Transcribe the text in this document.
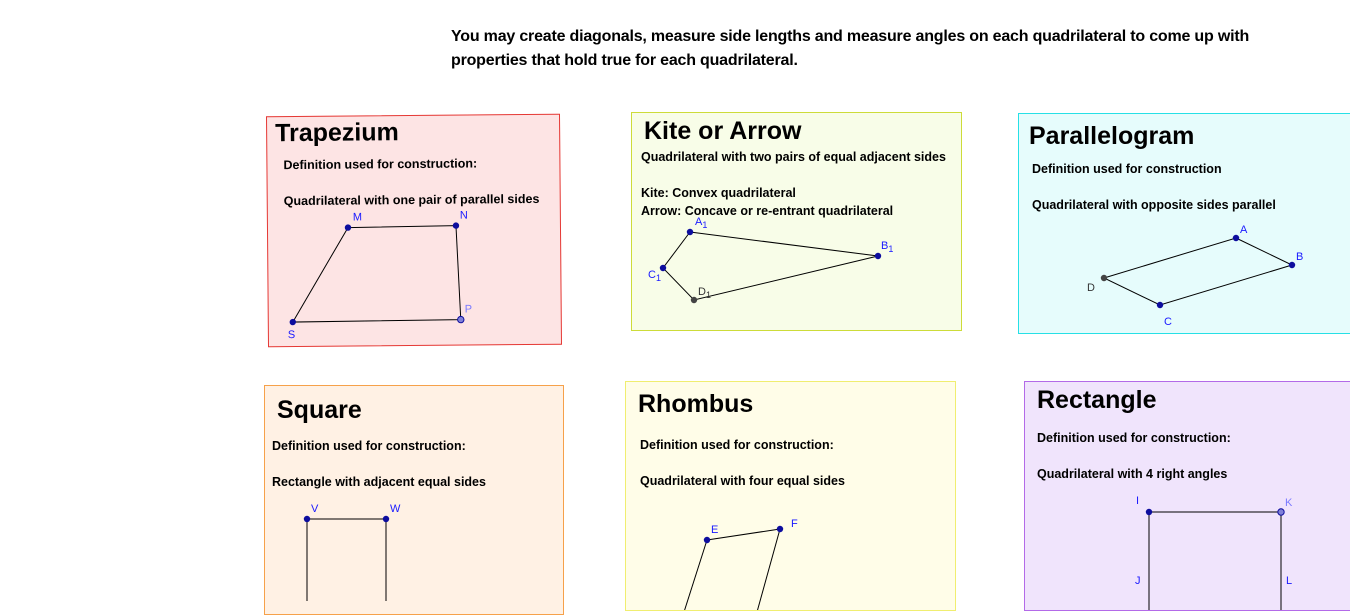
You may create diagonals, measure side lengths and measure angles on each quadrilateral to come up with
properties that hold true for each quadrilateral.
Trapezium
Definition used for construction:
Quadrilateral with one pair of parallel sides
M	N
P
S
Kite or Arrow
Quadrilateral with two pairs of equal adjacent sides
Kite: Convex quadrilateral
$A_1$
$B_1$
$C_1$
$D_1$
Arrow: Concave or re-entrant quadrilateral
Parallelogram
Definition used for construction
Quadrilateral with opposite sides parallel
A
B
C
D
Square
Definition used for construction:
Rectangle with adjacent equal sides
V	W
Rhombus
Definition used for construction:
Quadrilateral with four equal sides
E	F
Rectangle
Definition used for construction:
Quadrilateral with 4 right angles
I	K
J	L
